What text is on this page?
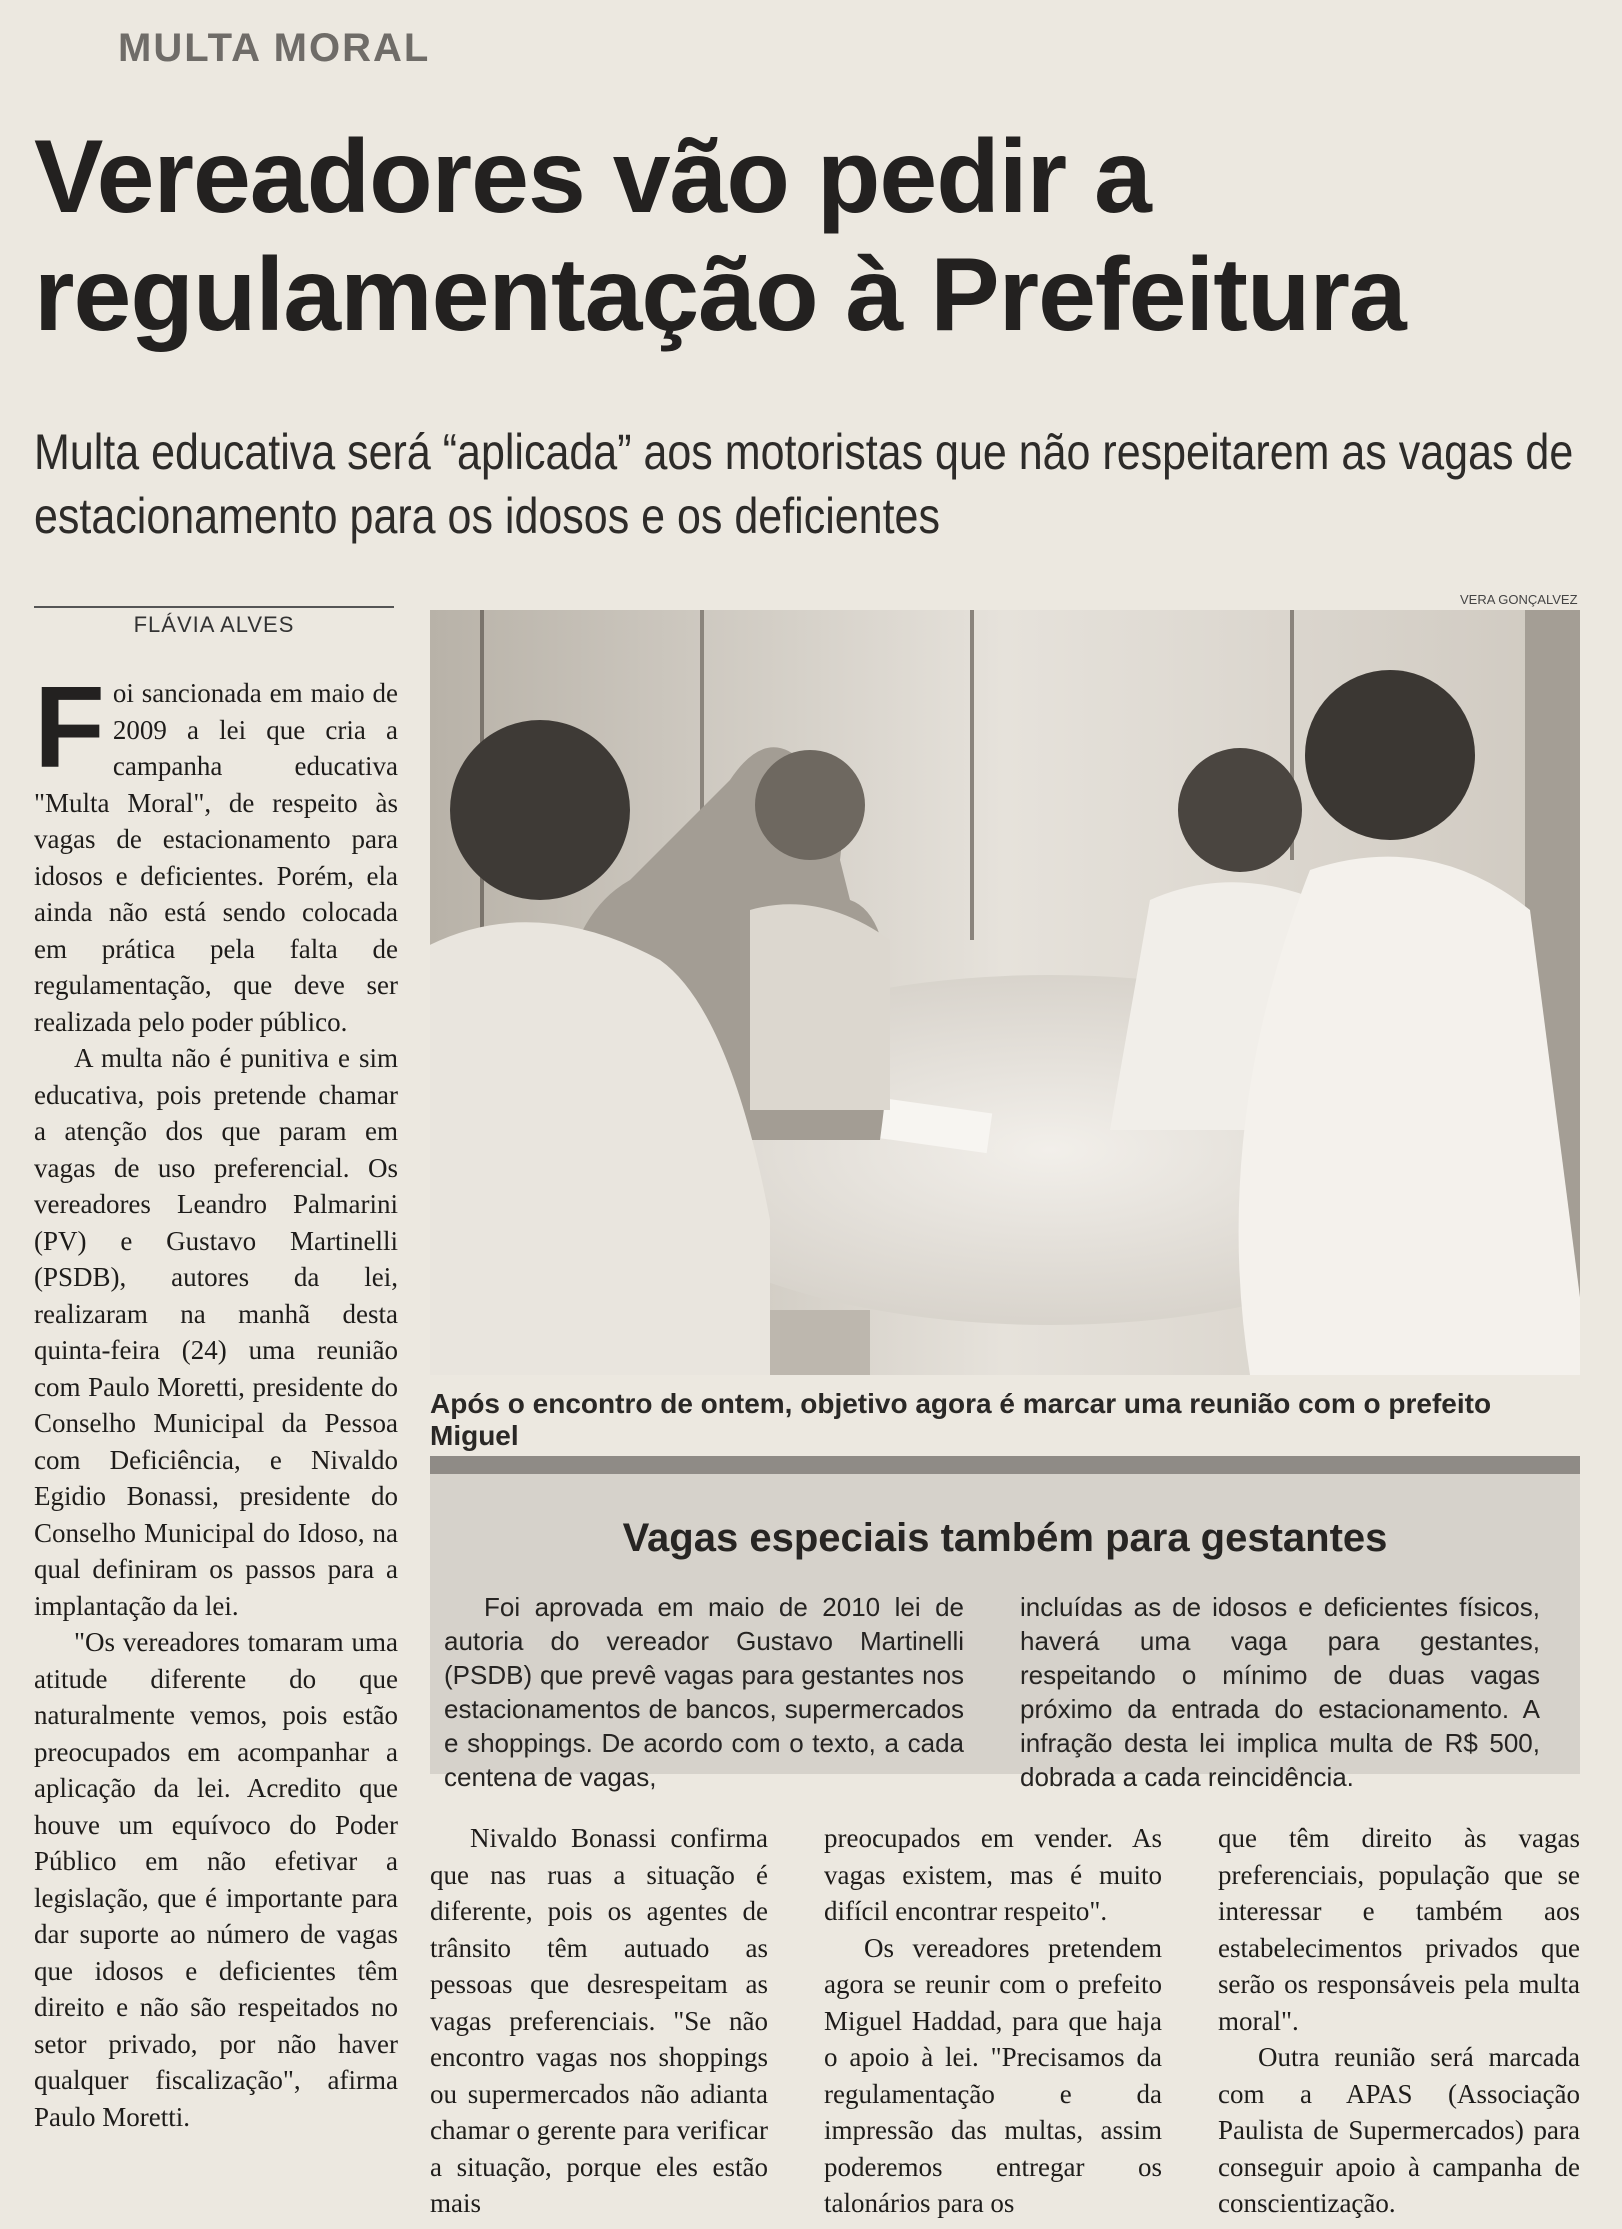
MULTA MORAL
Vereadores vão pedir a regulamentação à Prefeitura
Multa educativa será “aplicada” aos motoristas que não respeitarem as vagas de estacionamento para os idosos e os deficientes
FLÁVIA ALVES
VERA GONÇALVEZ

Foi sancionada em maio de 2009 a lei que cria a campanha educativa "Multa Moral", de respeito às vagas de estacionamento para idosos e deficientes. Porém, ela ainda não está sendo colocada em prática pela falta de regulamentação, que deve ser realizada pelo poder público.

A multa não é punitiva e sim educativa, pois pretende chamar a atenção dos que param em vagas de uso preferencial. Os vereadores Leandro Palmarini (PV) e Gustavo Martinelli (PSDB), autores da lei, realizaram na manhã desta quinta-feira (24) uma reunião com Paulo Moretti, presidente do Conselho Municipal da Pessoa com Deficiência, e Nivaldo Egidio Bonassi, presidente do Conselho Municipal do Idoso, na qual definiram os passos para a implantação da lei.

"Os vereadores tomaram uma atitude diferente do que naturalmente vemos, pois estão preocupados em acompanhar a aplicação da lei. Acredito que houve um equívoco do Poder Público em não efetivar a legislação, que é importante para dar suporte ao número de vagas que idosos e deficientes têm direito e não são respeitados no setor privado, por não haver qualquer fiscalização", afirma Paulo Moretti.

Após o encontro de ontem, objetivo agora é marcar uma reunião com o prefeito Miguel
Vagas especiais também para gestantes
Foi aprovada em maio de 2010 lei de autoria do vereador Gustavo Martinelli (PSDB) que prevê vagas para gestantes nos estacionamentos de bancos, supermercados e shoppings. De acordo com o texto, a cada centena de vagas,
incluídas as de idosos e deficientes físicos, haverá uma vaga para gestantes, respeitando o mínimo de duas vagas próximo da entrada do estacionamento. A infração desta lei implica multa de R$ 500, dobrada a cada reincidência.

Nivaldo Bonassi confirma que nas ruas a situação é diferente, pois os agentes de trânsito têm autuado as pessoas que desrespeitam as vagas preferenciais. "Se não encontro vagas nos shoppings ou supermercados não adianta chamar o gerente para verificar a situação, porque eles estão mais

preocupados em vender. As vagas existem, mas é muito difícil encontrar respeito".

Os vereadores pretendem agora se reunir com o prefeito Miguel Haddad, para que haja o apoio à lei. "Precisamos da regulamentação e da impressão das multas, assim poderemos entregar os talonários para os

que têm direito às vagas preferenciais, população que se interessar e também aos estabelecimentos privados que serão os responsáveis pela multa moral".

Outra reunião será marcada com a APAS (Associação Paulista de Supermercados) para conseguir apoio à campanha de conscientização.
